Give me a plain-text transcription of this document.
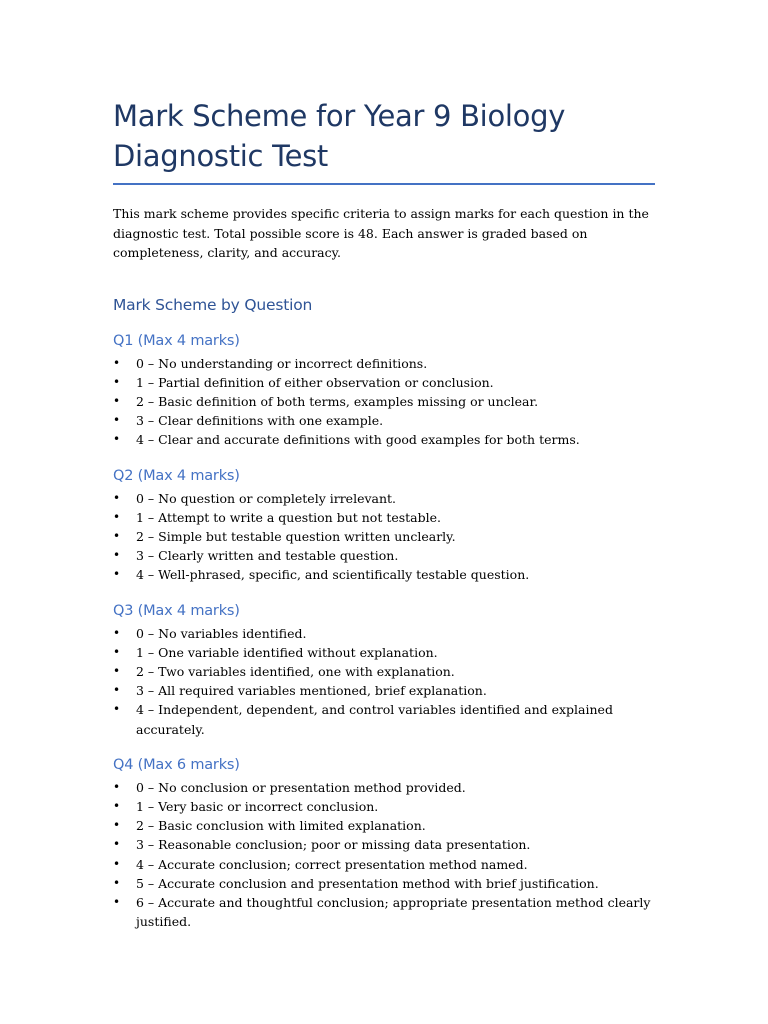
Mark Scheme for Year 9 Biology Diagnostic Test

This mark scheme provides specific criteria to assign marks for each question in the diagnostic test. Total possible score is 48. Each answer is graded based on completeness, clarity, and accuracy.

Mark Scheme by Question
Q1 (Max 4 marks)
• 0 – No understanding or incorrect definitions.
• 1 – Partial definition of either observation or conclusion.
• 2 – Basic definition of both terms, examples missing or unclear.
• 3 – Clear definitions with one example.
• 4 – Clear and accurate definitions with good examples for both terms.
Q2 (Max 4 marks)
• 0 – No question or completely irrelevant.
• 1 – Attempt to write a question but not testable.
• 2 – Simple but testable question written unclearly.
• 3 – Clearly written and testable question.
• 4 – Well-phrased, specific, and scientifically testable question.
Q3 (Max 4 marks)
• 0 – No variables identified.
• 1 – One variable identified without explanation.
• 2 – Two variables identified, one with explanation.
• 3 – All required variables mentioned, brief explanation.
• 4 – Independent, dependent, and control variables identified and explained accurately.
Q4 (Max 6 marks)
• 0 – No conclusion or presentation method provided.
• 1 – Very basic or incorrect conclusion.
• 2 – Basic conclusion with limited explanation.
• 3 – Reasonable conclusion; poor or missing data presentation.
• 4 – Accurate conclusion; correct presentation method named.
• 5 – Accurate conclusion and presentation method with brief justification.
• 6 – Accurate and thoughtful conclusion; appropriate presentation method clearly justified.
